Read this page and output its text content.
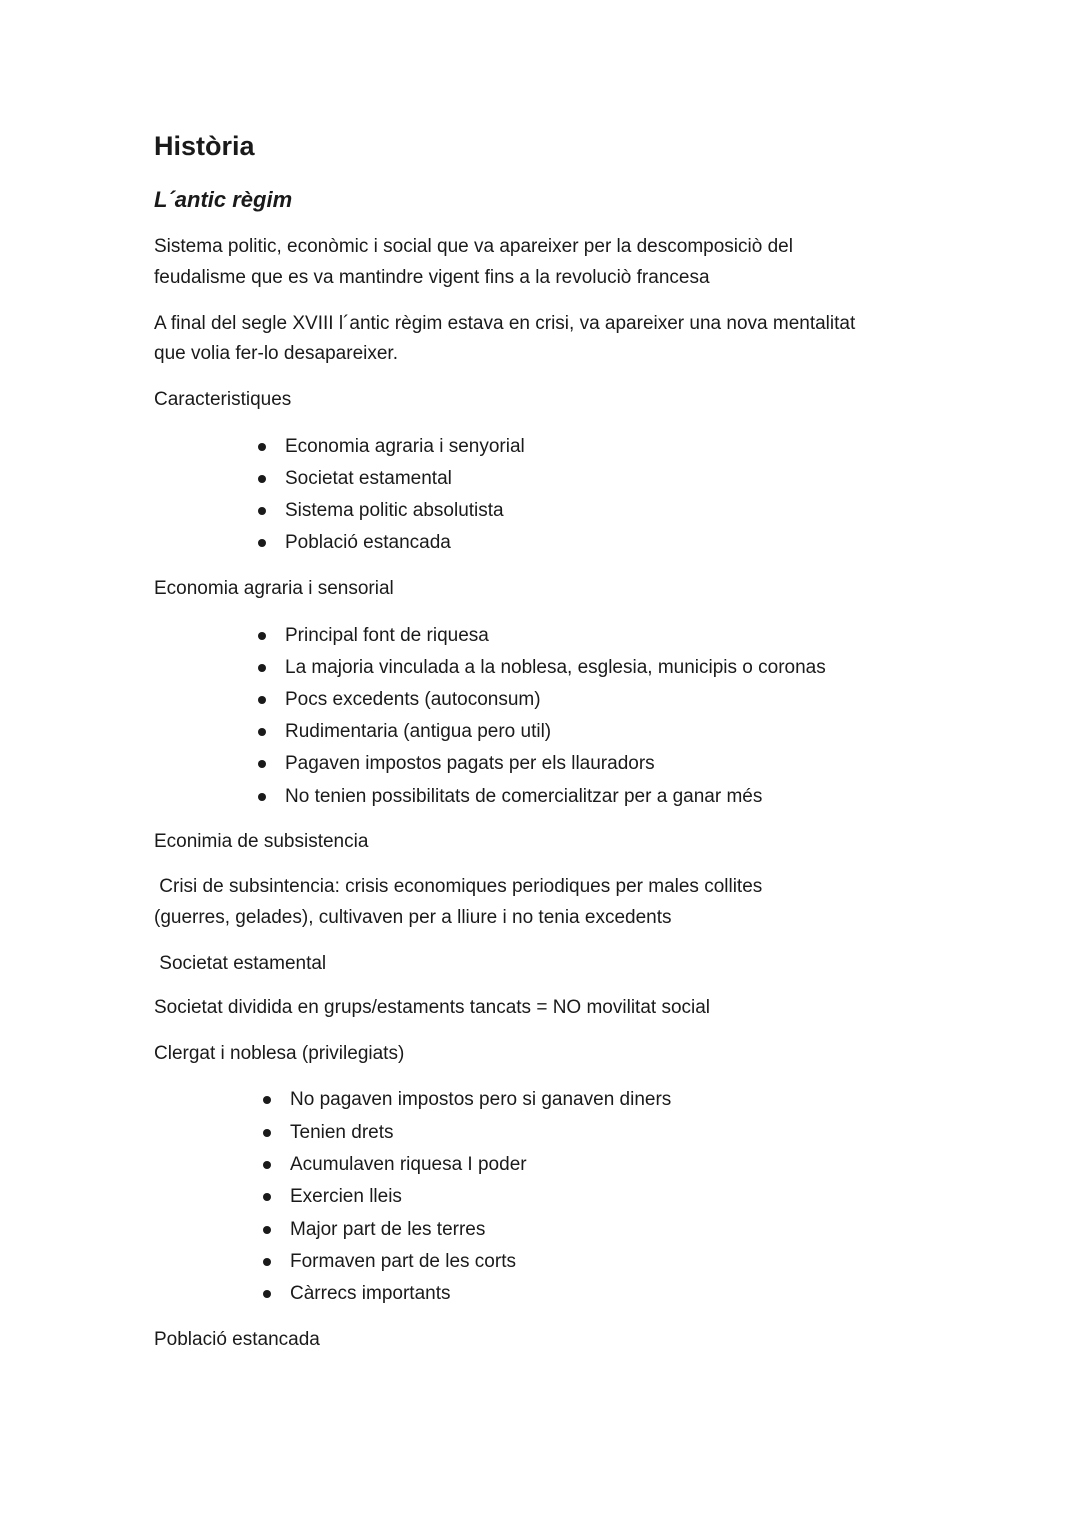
Història
L´antic règim
Sistema politic, econòmic i social que va apareixer per la descomposiciò del
feudalisme que es va mantindre vigent fins a la revoluciò francesa
A final del segle XVIII l´antic règim estava en crisi, va apareixer una nova mentalitat
que volia fer-lo desapareixer.
Caracteristiques
Economia agraria i senyorial
Societat estamental
Sistema politic absolutista
Població estancada
Economia agraria i sensorial
Principal font de riquesa
La majoria vinculada a la noblesa, esglesia, municipis o coronas
Pocs excedents (autoconsum)
Rudimentaria (antigua pero util)
Pagaven impostos pagats per els llauradors
No tenien possibilitats de comercialitzar per a ganar més
Econimia de subsistencia
Crisi de subsintencia: crisis economiques periodiques per males collites
(guerres, gelades), cultivaven per a lliure i no tenia excedents
Societat estamental
Societat dividida en grups/estaments tancats = NO movilitat social
Clergat i noblesa (privilegiats)
No pagaven impostos pero si ganaven diners
Tenien drets
Acumulaven riquesa I poder
Exercien lleis
Major part de les terres
Formaven part de les corts
Càrrecs importants
Població estancada
